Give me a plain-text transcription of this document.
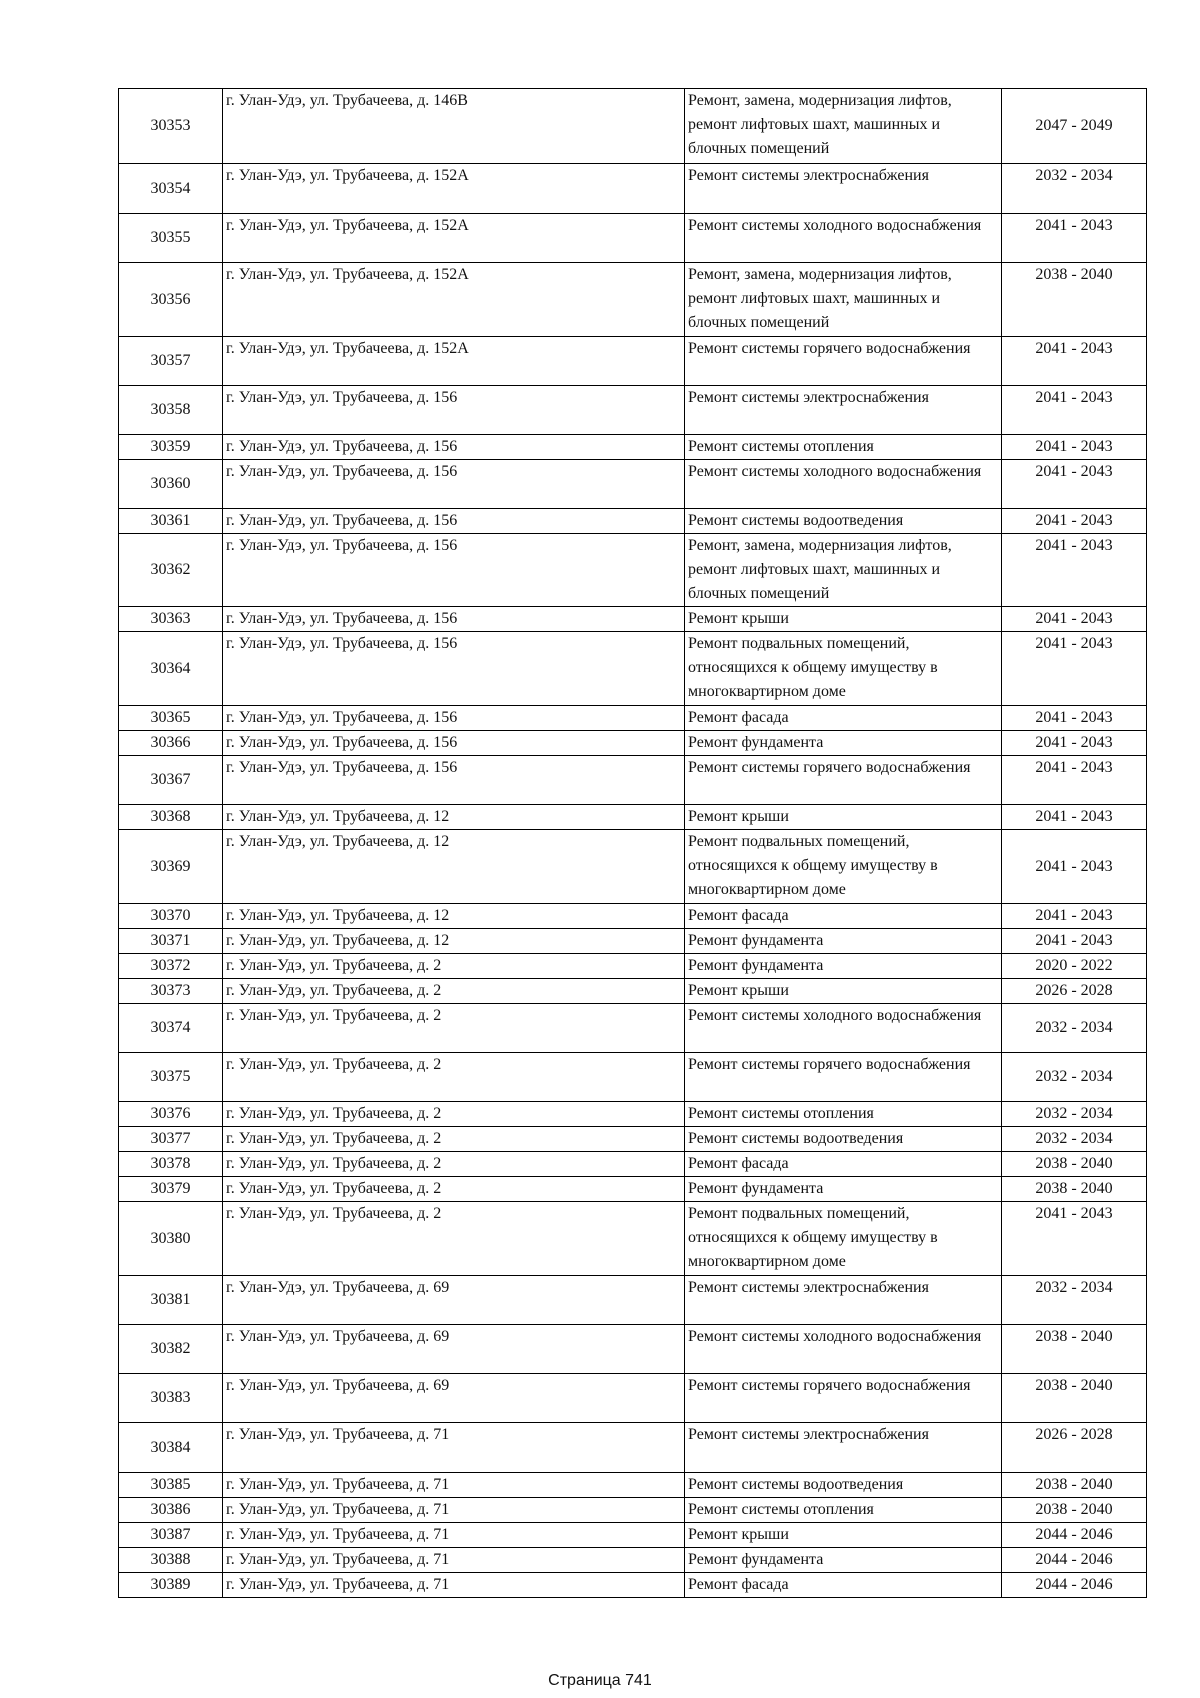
30353	г. Улан-Удэ, ул. Трубачеева, д. 146В	Ремонт, замена, модернизация лифтов, ремонт лифтовых шахт, машинных и блочных помещений	2047 - 2049
30354	г. Улан-Удэ, ул. Трубачеева, д. 152А	Ремонт системы электроснабжения	2032 - 2034
30355	г. Улан-Удэ, ул. Трубачеева, д. 152А	Ремонт системы холодного водоснабжения	2041 - 2043
30356	г. Улан-Удэ, ул. Трубачеева, д. 152А	Ремонт, замена, модернизация лифтов, ремонт лифтовых шахт, машинных и блочных помещений	2038 - 2040
30357	г. Улан-Удэ, ул. Трубачеева, д. 152А	Ремонт системы горячего водоснабжения	2041 - 2043
30358	г. Улан-Удэ, ул. Трубачеева, д. 156	Ремонт системы электроснабжения	2041 - 2043
30359	г. Улан-Удэ, ул. Трубачеева, д. 156	Ремонт системы отопления	2041 - 2043
30360	г. Улан-Удэ, ул. Трубачеева, д. 156	Ремонт системы холодного водоснабжения	2041 - 2043
30361	г. Улан-Удэ, ул. Трубачеева, д. 156	Ремонт системы водоотведения	2041 - 2043
30362	г. Улан-Удэ, ул. Трубачеева, д. 156	Ремонт, замена, модернизация лифтов, ремонт лифтовых шахт, машинных и блочных помещений	2041 - 2043
30363	г. Улан-Удэ, ул. Трубачеева, д. 156	Ремонт крыши	2041 - 2043
30364	г. Улан-Удэ, ул. Трубачеева, д. 156	Ремонт подвальных помещений, относящихся к общему имуществу в многоквартирном доме	2041 - 2043
30365	г. Улан-Удэ, ул. Трубачеева, д. 156	Ремонт фасада	2041 - 2043
30366	г. Улан-Удэ, ул. Трубачеева, д. 156	Ремонт фундамента	2041 - 2043
30367	г. Улан-Удэ, ул. Трубачеева, д. 156	Ремонт системы горячего водоснабжения	2041 - 2043
30368	г. Улан-Удэ, ул. Трубачеева, д. 12	Ремонт крыши	2041 - 2043
30369	г. Улан-Удэ, ул. Трубачеева, д. 12	Ремонт подвальных помещений, относящихся к общему имуществу в многоквартирном доме	2041 - 2043
30370	г. Улан-Удэ, ул. Трубачеева, д. 12	Ремонт фасада	2041 - 2043
30371	г. Улан-Удэ, ул. Трубачеева, д. 12	Ремонт фундамента	2041 - 2043
30372	г. Улан-Удэ, ул. Трубачеева, д. 2	Ремонт фундамента	2020 - 2022
30373	г. Улан-Удэ, ул. Трубачеева, д. 2	Ремонт крыши	2026 - 2028
30374	г. Улан-Удэ, ул. Трубачеева, д. 2	Ремонт системы холодного водоснабжения	2032 - 2034
30375	г. Улан-Удэ, ул. Трубачеева, д. 2	Ремонт системы горячего водоснабжения	2032 - 2034
30376	г. Улан-Удэ, ул. Трубачеева, д. 2	Ремонт системы отопления	2032 - 2034
30377	г. Улан-Удэ, ул. Трубачеева, д. 2	Ремонт системы водоотведения	2032 - 2034
30378	г. Улан-Удэ, ул. Трубачеева, д. 2	Ремонт фасада	2038 - 2040
30379	г. Улан-Удэ, ул. Трубачеева, д. 2	Ремонт фундамента	2038 - 2040
30380	г. Улан-Удэ, ул. Трубачеева, д. 2	Ремонт подвальных помещений, относящихся к общему имуществу в многоквартирном доме	2041 - 2043
30381	г. Улан-Удэ, ул. Трубачеева, д. 69	Ремонт системы электроснабжения	2032 - 2034
30382	г. Улан-Удэ, ул. Трубачеева, д. 69	Ремонт системы холодного водоснабжения	2038 - 2040
30383	г. Улан-Удэ, ул. Трубачеева, д. 69	Ремонт системы горячего водоснабжения	2038 - 2040
30384	г. Улан-Удэ, ул. Трубачеева, д. 71	Ремонт системы электроснабжения	2026 - 2028
30385	г. Улан-Удэ, ул. Трубачеева, д. 71	Ремонт системы водоотведения	2038 - 2040
30386	г. Улан-Удэ, ул. Трубачеева, д. 71	Ремонт системы отопления	2038 - 2040
30387	г. Улан-Удэ, ул. Трубачеева, д. 71	Ремонт крыши	2044 - 2046
30388	г. Улан-Удэ, ул. Трубачеева, д. 71	Ремонт фундамента	2044 - 2046
30389	г. Улан-Удэ, ул. Трубачеева, д. 71	Ремонт фасада	2044 - 2046
Страница 741
